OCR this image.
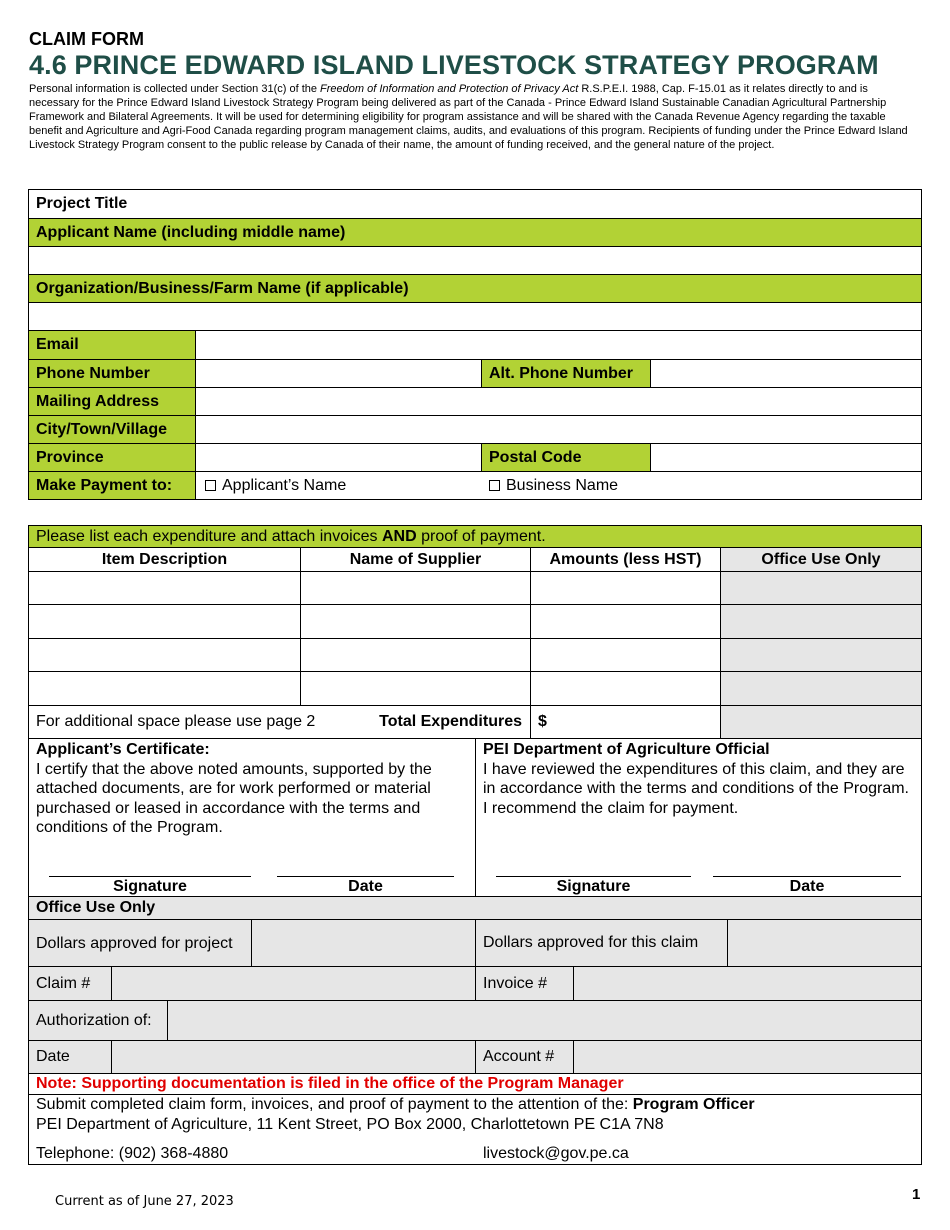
CLAIM FORM
4.6 PRINCE EDWARD ISLAND LIVESTOCK STRATEGY PROGRAM
Personal information is collected under Section 31(c) of the Freedom of Information and Protection of Privacy Act R.S.P.E.I. 1988, Cap. F-15.01 as it relates directly to and is necessary for the Prince Edward Island Livestock Strategy Program being delivered as part of the Canada - Prince Edward Island Sustainable Canadian Agricultural Partnership Framework and Bilateral Agreements. It will be used for determining eligibility for program assistance and will be shared with the Canada Revenue Agency regarding the taxable benefit and Agriculture and Agri-Food Canada regarding program management claims, audits, and evaluations of this program. Recipients of funding under the Prince Edward Island Livestock Strategy Program consent to the public release by Canada of their name, the amount of funding received, and the general nature of the project.
Project Title
Applicant Name (including middle name)
Organization/Business/Farm Name (if applicable)
Email
Phone Number	Alt. Phone Number
Mailing Address
City/Town/Village
Province	Postal Code
Make Payment to:	Applicant’s Name	Business Name
Please list each expenditure and attach invoices AND proof of payment.
Item Description	Name of Supplier	Amounts (less HST)	Office Use Only
For additional space please use page 2	Total Expenditures $
Applicant’s Certificate:
I certify that the above noted amounts, supported by the attached documents, are for work performed or material purchased or leased in accordance with the terms and conditions of the Program.
Signature	Date
PEI Department of Agriculture Official
I have reviewed the expenditures of this claim, and they are in accordance with the terms and conditions of the Program. I recommend the claim for payment.
Signature	Date
Office Use Only
Dollars approved for project	Dollars approved for this claim
Claim #	Invoice #
Authorization of:
Date	Account #
Note: Supporting documentation is filed in the office of the Program Manager
Submit completed claim form, invoices, and proof of payment to the attention of the: Program Officer
PEI Department of Agriculture, 11 Kent Street, PO Box 2000, Charlottetown PE C1A 7N8
Telephone: (902) 368-4880	livestock@gov.pe.ca
Current as of June 27, 2023	1
